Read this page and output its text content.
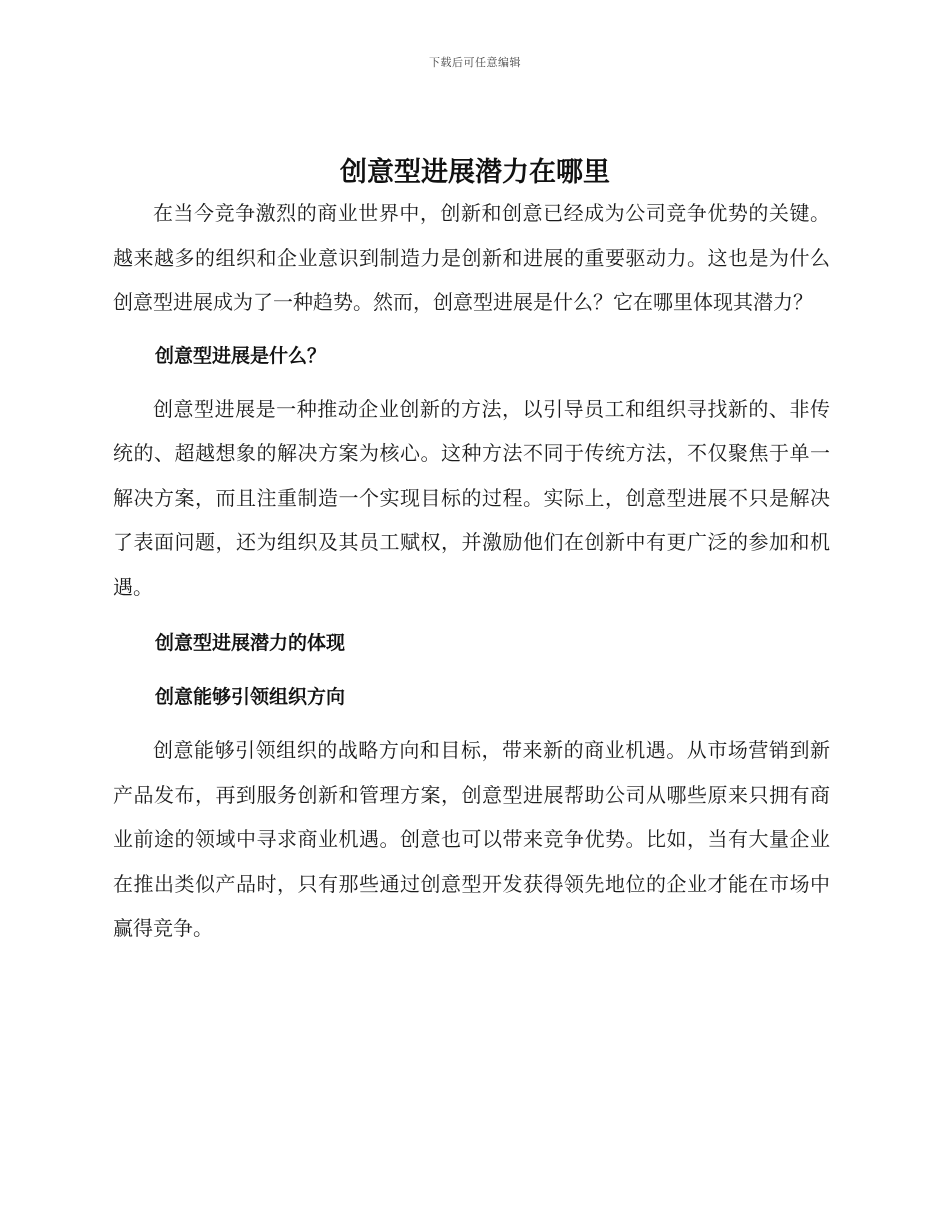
下载后可任意编辑
创意型进展潜力在哪里

在当今竞争激烈的商业世界中，创新和创意已经成为公司竞争优势的关键。越来越多的组织和企业意识到制造力是创新和进展的重要驱动力。这也是为什么创意型进展成为了一种趋势。然而，创意型进展是什么？它在哪里体现其潜力？

创意型进展是什么？

创意型进展是一种推动企业创新的方法，以引导员工和组织寻找新的、非传统的、超越想象的解决方案为核心。这种方法不同于传统方法，不仅聚焦于单一解决方案，而且注重制造一个实现目标的过程。实际上，创意型进展不只是解决了表面问题，还为组织及其员工赋权，并激励他们在创新中有更广泛的参加和机遇。

创意型进展潜力的体现
创意能够引领组织方向

创意能够引领组织的战略方向和目标，带来新的商业机遇。从市场营销到新产品发布，再到服务创新和管理方案，创意型进展帮助公司从哪些原来只拥有商业前途的领域中寻求商业机遇。创意也可以带来竞争优势。比如，当有大量企业在推出类似产品时，只有那些通过创意型开发获得领先地位的企业才能在市场中赢得竞争。
